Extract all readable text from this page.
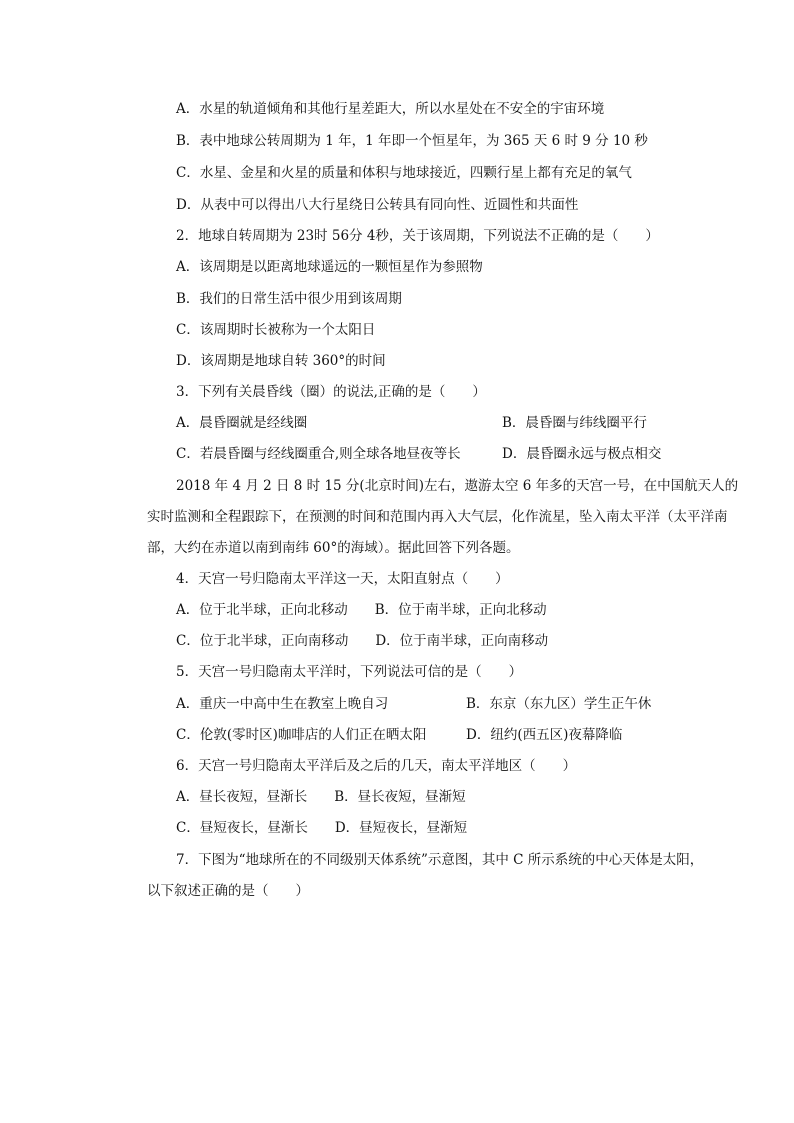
A．水星的轨道倾角和其他行星差距大，所以水星处在不安全的宇宙环境
B．表中地球公转周期为 1 年，1 年即一个恒星年，为 365 天 6 时 9 分 10 秒
C．水星、金星和火星的质量和体积与地球接近，四颗行星上都有充足的氧气
D．从表中可以得出八大行星绕日公转具有同向性、近圆性和共面性
2．地球自转周期为 23时 56分 4秒，关于该周期，下列说法不正确的是（　　）
A．该周期是以距离地球遥远的一颗恒星作为参照物
B．我们的日常生活中很少用到该周期
C．该周期时长被称为一个太阳日
D．该周期是地球自转 360°的时间
3．下列有关晨昏线（圈）的说法,正确的是（　　）
A．晨昏圈就是经线圈	B．晨昏圈与纬线圈平行
C．若晨昏圈与经线圈重合,则全球各地昼夜等长	D．晨昏圈永远与极点相交
2018 年 4 月 2 日 8 时 15 分(北京时间)左右，遨游太空 6 年多的天宫一号，在中国航天人的
实时监测和全程跟踪下，在预测的时间和范围内再入大气层，化作流星，坠入南太平洋（太平洋南
部，大约在赤道以南到南纬 60°的海域）。据此回答下列各题。
4．天宫一号归隐南太平洋这一天，太阳直射点（　　）
A．位于北半球，正向北移动　　B．位于南半球，正向北移动
C．位于北半球，正向南移动　　D．位于南半球，正向南移动
5．天宫一号归隐南太平洋时，下列说法可信的是（　　）
A．重庆一中高中生在教室上晚自习	B．东京（东九区）学生正午休
C．伦敦(零时区)咖啡店的人们正在晒太阳	D．纽约(西五区)夜幕降临
6．天宫一号归隐南太平洋后及之后的几天，南太平洋地区（　　）
A．昼长夜短，昼渐长　　B．昼长夜短，昼渐短
C．昼短夜长，昼渐长　　D．昼短夜长，昼渐短
7．下图为“地球所在的不同级别天体系统”示意图，其中 C 所示系统的中心天体是太阳，
以下叙述正确的是（　　）
